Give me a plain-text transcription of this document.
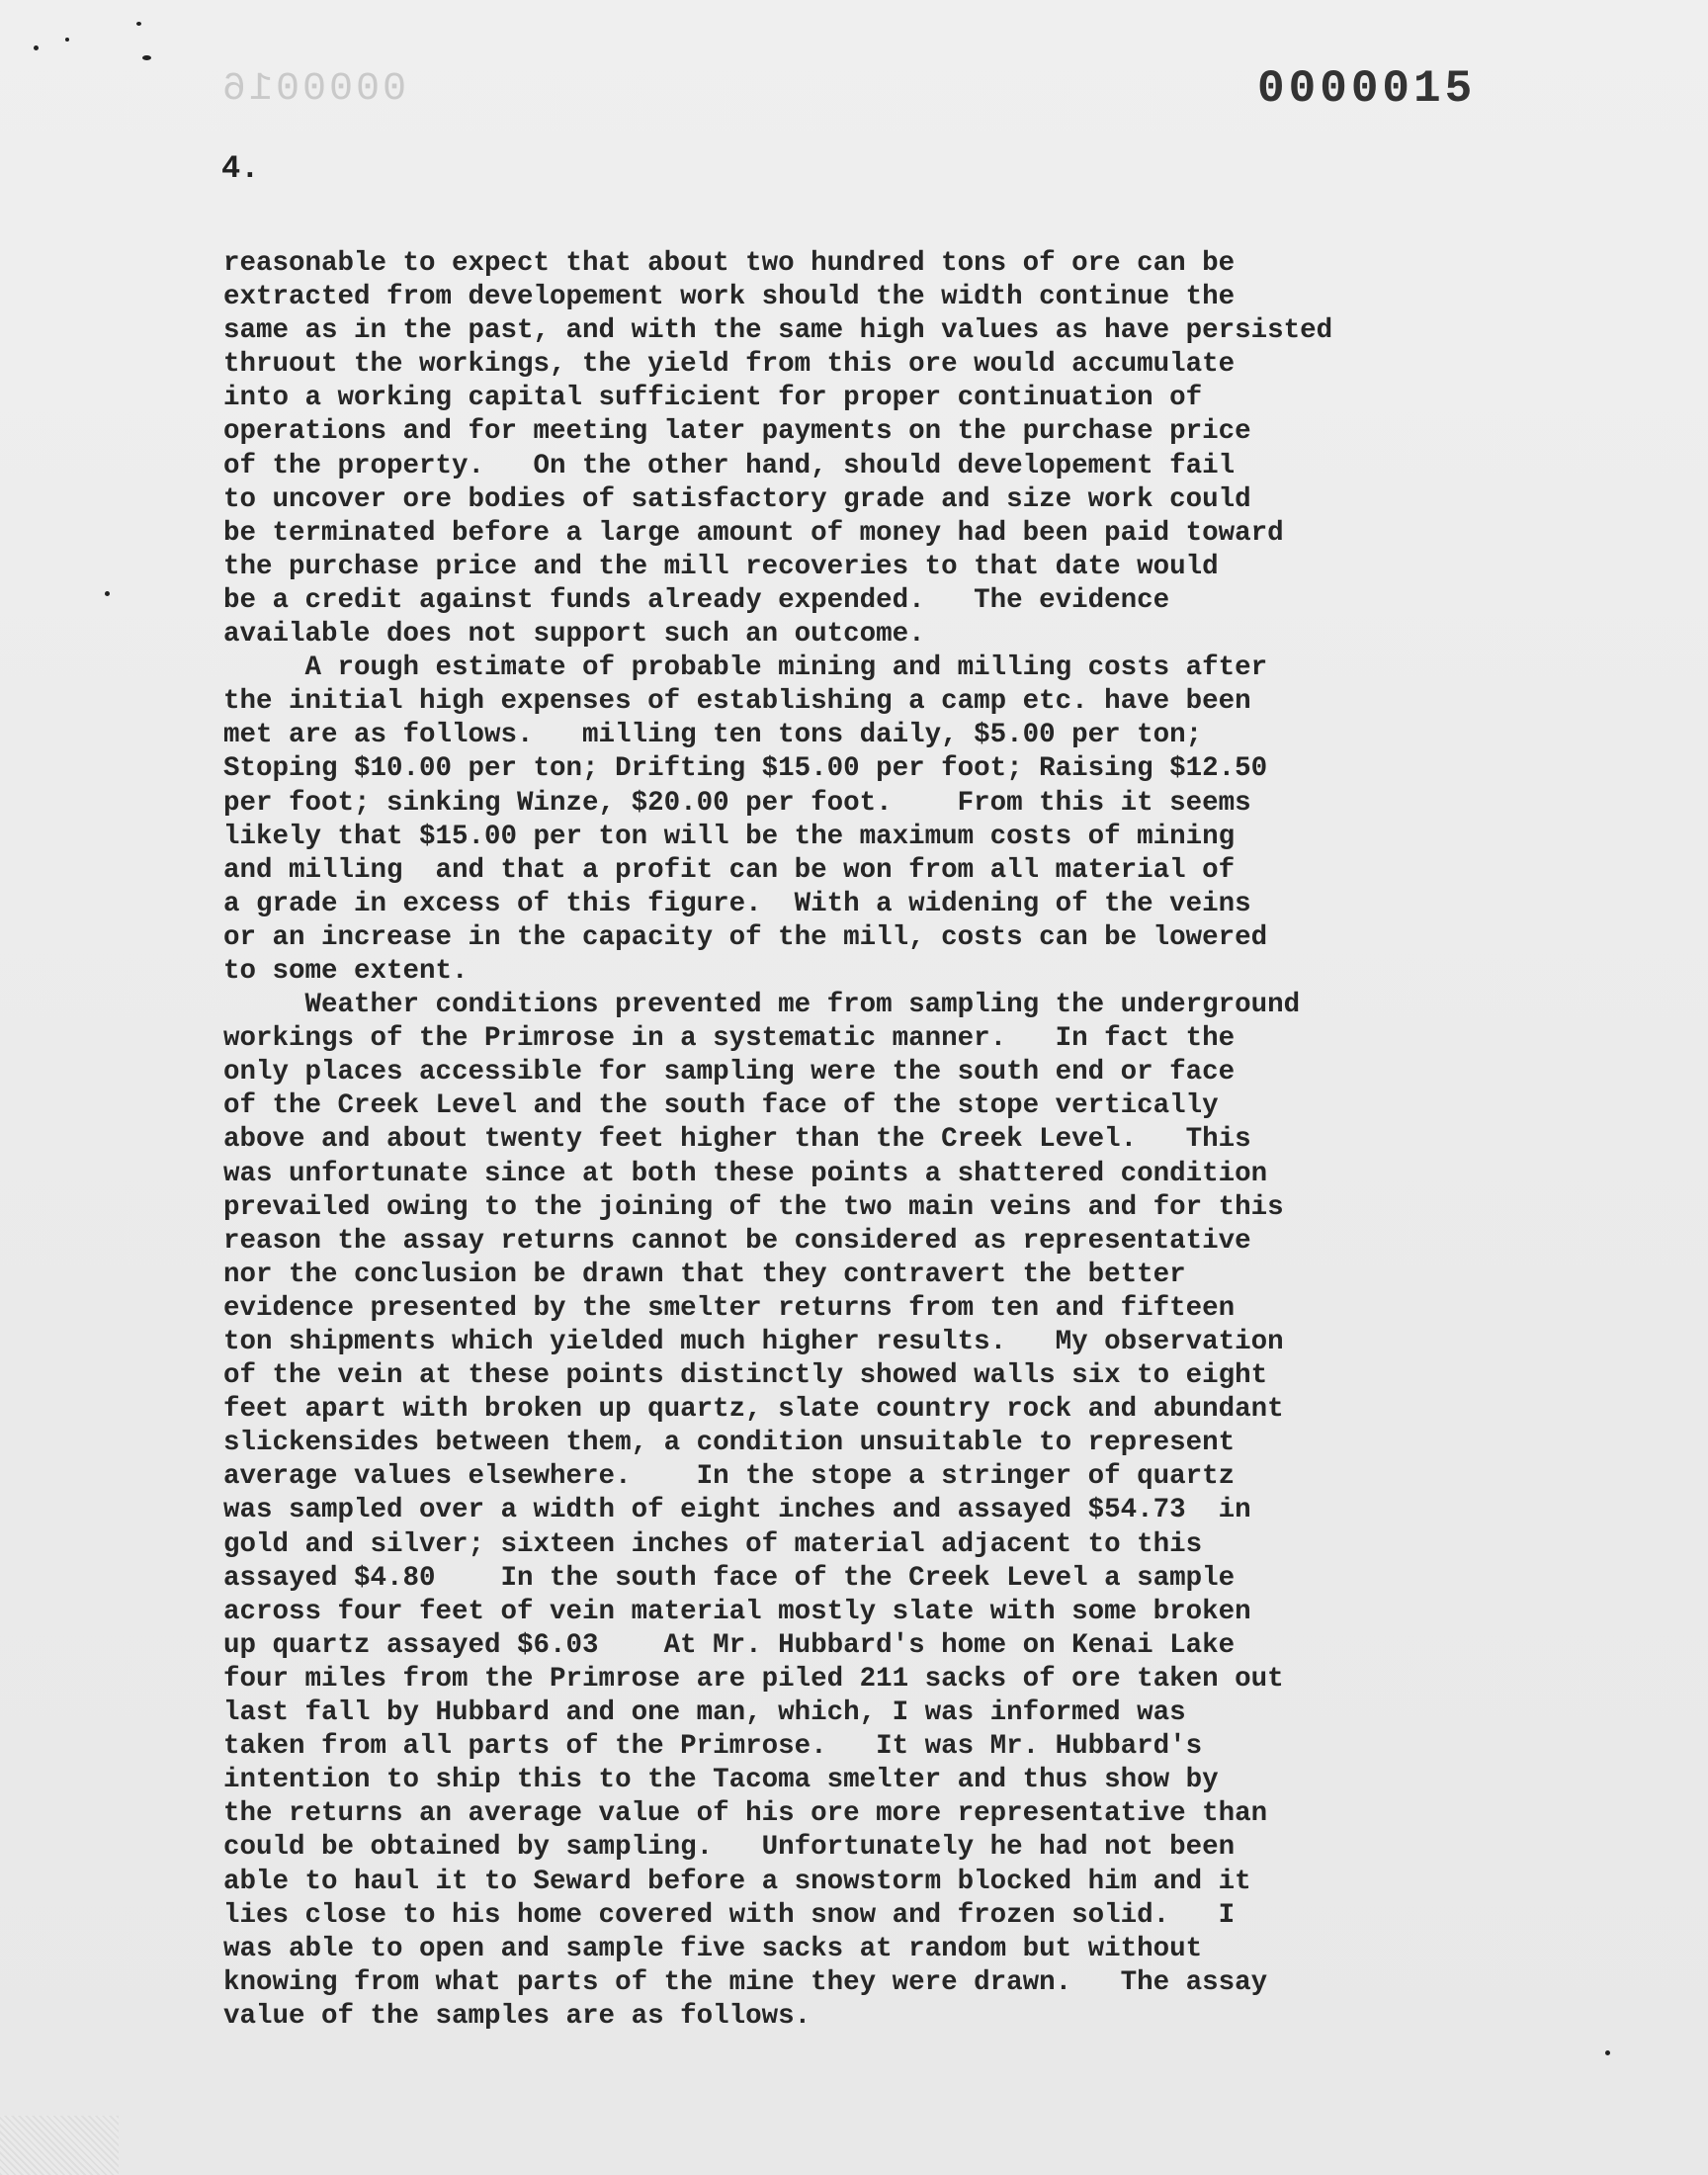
0000016	0000015
4.
reasonable to expect that about two hundred tons of ore can be
extracted from developement work should the width continue the
same as in the past, and with the same high values as have persisted
thruout the workings, the yield from this ore would accumulate
into a working capital sufficient for proper continuation of
operations and for meeting later payments on the purchase price
of the property.   On the other hand, should developement fail
to uncover ore bodies of satisfactory grade and size work could
be terminated before a large amount of money had been paid toward
the purchase price and the mill recoveries to that date would
be a credit against funds already expended.   The evidence
available does not support such an outcome.
A rough estimate of probable mining and milling costs after
the initial high expenses of establishing a camp etc. have been
met are as follows.   milling ten tons daily, $5.00 per ton;
Stoping $10.00 per ton; Drifting $15.00 per foot; Raising $12.50
per foot; sinking Winze, $20.00 per foot.    From this it seems
likely that $15.00 per ton will be the maximum costs of mining
and milling  and that a profit can be won from all material of
a grade in excess of this figure.  With a widening of the veins
or an increase in the capacity of the mill, costs can be lowered
to some extent.
Weather conditions prevented me from sampling the underground
workings of the Primrose in a systematic manner.   In fact the
only places accessible for sampling were the south end or face
of the Creek Level and the south face of the stope vertically
above and about twenty feet higher than the Creek Level.   This
was unfortunate since at both these points a shattered condition
prevailed owing to the joining of the two main veins and for this
reason the assay returns cannot be considered as representative
nor the conclusion be drawn that they contravert the better
evidence presented by the smelter returns from ten and fifteen
ton shipments which yielded much higher results.   My observation
of the vein at these points distinctly showed walls six to eight
feet apart with broken up quartz, slate country rock and abundant
slickensides between them, a condition unsuitable to represent
average values elsewhere.    In the stope a stringer of quartz
was sampled over a width of eight inches and assayed $54.73  in
gold and silver; sixteen inches of material adjacent to this
assayed $4.80    In the south face of the Creek Level a sample
across four feet of vein material mostly slate with some broken
up quartz assayed $6.03    At Mr. Hubbard's home on Kenai Lake
four miles from the Primrose are piled 211 sacks of ore taken out
last fall by Hubbard and one man, which, I was informed was
taken from all parts of the Primrose.   It was Mr. Hubbard's
intention to ship this to the Tacoma smelter and thus show by
the returns an average value of his ore more representative than
could be obtained by sampling.   Unfortunately he had not been
able to haul it to Seward before a snowstorm blocked him and it
lies close to his home covered with snow and frozen solid.   I
was able to open and sample five sacks at random but without
knowing from what parts of the mine they were drawn.   The assay
value of the samples are as follows.
